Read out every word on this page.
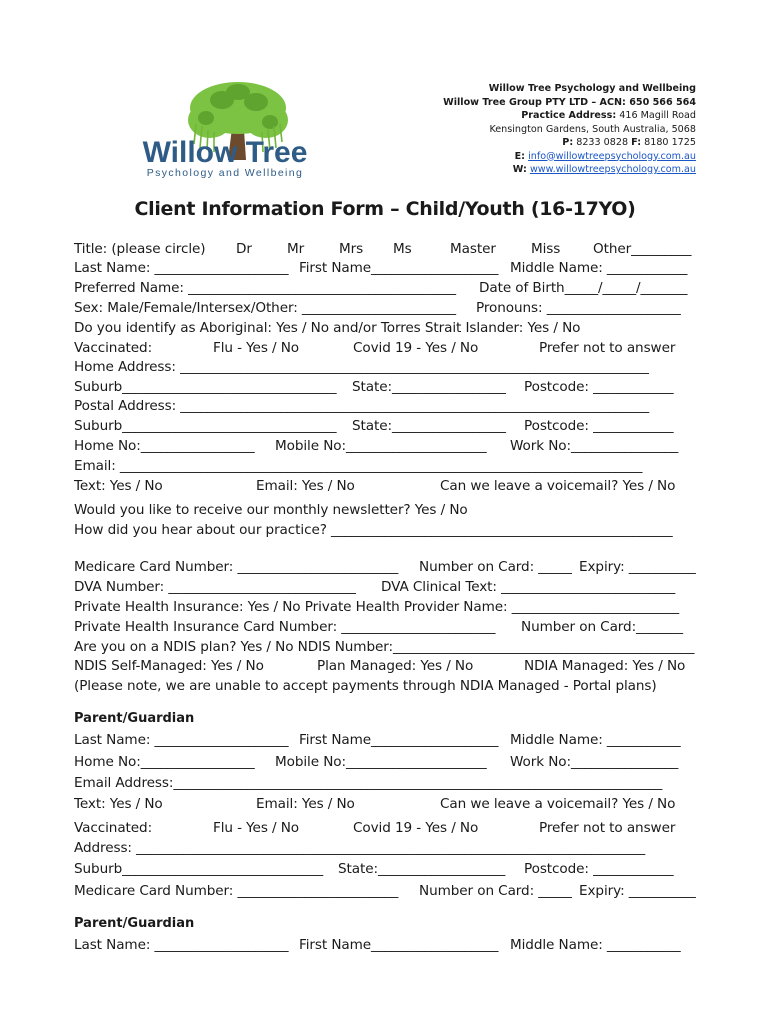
Willow Tree
Psychology and Wellbeing
Willow Tree Psychology and Wellbeing
Willow Tree Group PTY LTD – ACN: 650 566 564
Practice Address: 416 Magill Road
Kensington Gardens, South Australia, 5068
P: 8233 0828 F: 8180 1725
E: info@willowtreepsychology.com.au
W: www.willowtreepsychology.com.au
Client Information Form – Child/Youth (16-17YO)
Title: (please circle) Dr	Mr	Mrs Ms	Master	Miss Other_________
Last Name: ____________________ First Name___________________ Middle Name: ____________
Preferred Name: ________________________________________ Date of Birth_____/_____/_______
Sex: Male/Female/Intersex/Other: _______________________ Pronouns: ____________________
Do you identify as Aboriginal: Yes / No and/or Torres Strait Islander: Yes / No
Vaccinated:	Flu - Yes / No	Covid 19 - Yes / No	Prefer not to answer
Home Address: ______________________________________________________________________
Suburb________________________________ State:_________________ Postcode: ____________
Postal Address: ______________________________________________________________________
Suburb________________________________ State:_________________ Postcode: ____________
Home No:_________________ Mobile No:_____________________ Work No:________________
Email: ______________________________________________________________________________
Text: Yes / No	Email: Yes / No	Can we leave a voicemail? Yes / No
Would you like to receive our monthly newsletter? Yes / No
How did you hear about our practice? ___________________________________________________
Medicare Card Number: ________________________ Number on Card: _____ Expiry: __________
DVA Number: ____________________________ DVA Clinical Text: __________________________
Private Health Insurance: Yes / No Private Health Provider Name: _________________________
Private Health Insurance Card Number: _______________________ Number on Card:_______
Are you on a NDIS plan? Yes / No NDIS Number:_____________________________________________
NDIS Self-Managed: Yes / No	Plan Managed: Yes / No	NDIA Managed: Yes / No
(Please note, we are unable to accept payments through NDIA Managed - Portal plans)
Last Name: ____________________ First Name___________________ Middle Name: ___________
Home No:_________________ Mobile No:_____________________ Work No:________________
Email Address:_________________________________________________________________________
Text: Yes / No	Email: Yes / No	Can we leave a voicemail? Yes / No
Vaccinated:	Flu - Yes / No	Covid 19 - Yes / No	Prefer not to answer
Address: ____________________________________________________________________________
Suburb______________________________ State:___________________ Postcode: ____________
Medicare Card Number: ________________________ Number on Card: _____ Expiry: __________
Last Name: ____________________ First Name___________________ Middle Name: ___________
Parent/Guardian
Parent/Guardian
